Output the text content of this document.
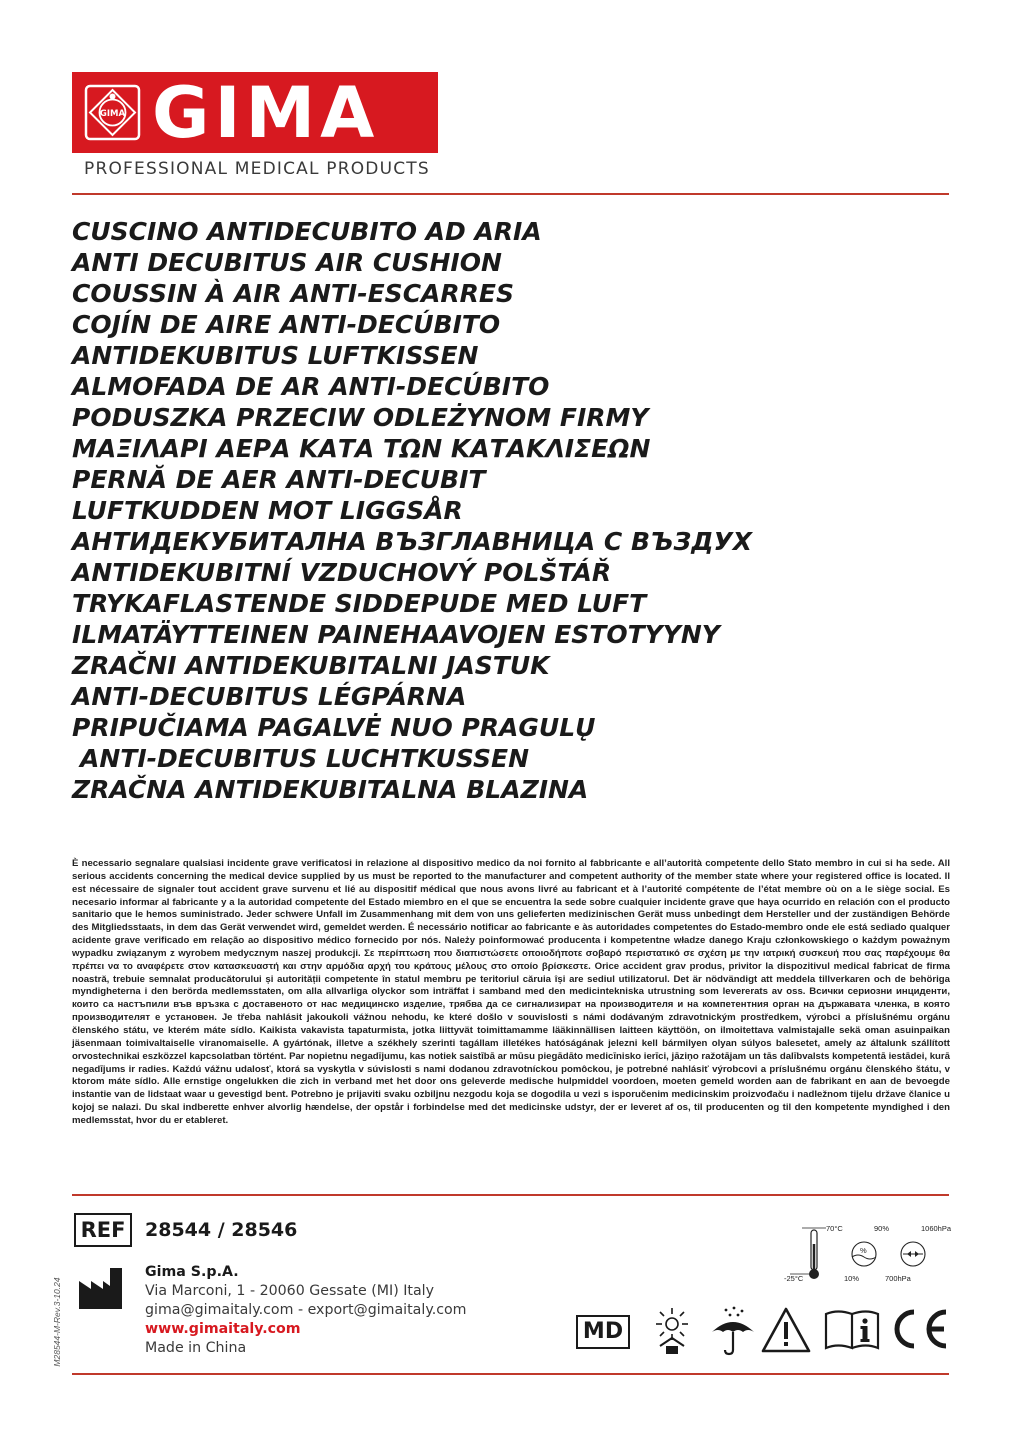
GIMA GIMA
PROFESSIONAL MEDICAL PRODUCTS
CUSCINO ANTIDECUBITO AD ARIA
ANTI DECUBITUS AIR CUSHION
COUSSIN À AIR ANTI-ESCARRES
COJÍN DE AIRE ANTI-DECÚBITO
ANTIDEKUBITUS LUFTKISSEN
ALMOFADA DE AR ANTI-DECÚBITO
PODUSZKA PRZECIW ODLEŻYNOM FIRMY
ΜΑΞΙΛΑΡΙ ΑΕΡΑ ΚΑΤΑ ΤΩΝ ΚΑΤΑΚΛΙΣΕΩΝ
PERNĂ DE AER ANTI-DECUBIT
LUFTKUDDEN MOT LIGGSÅR
АНТИДЕКУБИТАЛНА ВЪЗГЛАВНИЦА С ВЪЗДУХ
ANTIDEKUBITNÍ VZDUCHOVÝ POLŠTÁŘ
TRYKAFLASTENDE SIDDEPUDE MED LUFT
ILMATÄYTTEINEN PAINEHAAVOJEN ESTOTYYNY
ZRAČNI ANTIDEKUBITALNI JASTUK
ANTI-DECUBITUS LÉGPÁRNA
PRIPUČIAMA PAGALVĖ NUO PRAGULŲ
ANTI-DECUBITUS LUCHTKUSSEN
ZRAČNA ANTIDEKUBITALNA BLAZINA

È necessario segnalare qualsiasi incidente grave verificatosi in relazione al dispositivo medico da noi fornito al fabbricante e all’autorità competente dello Stato membro in cui si ha sede. All serious accidents concerning the medical device supplied by us must be reported to the manufacturer and competent authority of the member state where your registered office is located. Il est nécessaire de signaler tout accident grave survenu et lié au dispositif médical que nous avons livré au fabricant et à l’autorité compétente de l’état membre où on a le siège social. Es necesario informar al fabricante y a la autoridad competente del Estado miembro en el que se encuentra la sede sobre cualquier incidente grave que haya ocurrido en relación con el producto sanitario que le hemos suministrado. Jeder schwere Unfall im Zusammenhang mit dem von uns gelieferten medizinischen Gerät muss unbedingt dem Hersteller und der zuständigen Behörde des Mitgliedsstaats, in dem das Gerät verwendet wird, gemeldet werden. É necessário notificar ao fabricante e às autoridades competentes do Estado-membro onde ele está sediado qualquer acidente grave verificado em relação ao dispositivo médico fornecido por nós. Należy poinformować producenta i kompetentne władze danego Kraju członkowskiego o każdym poważnym wypadku związanym z wyrobem medycznym naszej produkcji. Σε περίπτωση που διαπιστώσετε οποιοδήποτε σοβαρό περιστατικό σε σχέση με την ιατρική συσκευή που σας παρέχουμε θα πρέπει να το αναφέρετε στον κατασκευαστή και στην αρμόδια αρχή του κράτους μέλους στο οποίο βρίσκεστε. Orice accident grav produs, privitor la dispozitivul medical fabricat de firma noastră, trebuie semnalat producătorului și autorității competente în statul membru pe teritoriul căruia își are sediul utilizatorul. Det är nödvändigt att meddela tillverkaren och de behöriga myndigheterna i den berörda medlemsstaten, om alla allvarliga olyckor som inträffat i samband med den medicintekniska utrustning som levererats av oss. Всички сериозни инциденти, които са настъпили във връзка с доставеното от нас медицинско изделие, трябва да се сигнализират на производителя и на компетентния орган на държавата членка, в която производителят е установен. Je třeba nahlásit jakoukoli vážnou nehodu, ke které došlo v souvislosti s námi dodávaným zdravotnickým prostředkem, výrobci a příslušnému orgánu členského státu, ve kterém máte sídlo. Kaikista vakavista tapaturmista, jotka liittyvät toimittamamme lääkinnällisen laitteen käyttöön, on ilmoitettava valmistajalle sekä oman asuinpaikan jäsenmaan toimivaltaiselle viranomaiselle. A gyártónak, illetve a székhely szerinti tagállam illetékes hatóságának jelezni kell bármilyen olyan súlyos balesetet, amely az általunk szállított orvostechnikai eszközzel kapcsolatban történt. Par nopietnu negadījumu, kas notiek saistībā ar mūsu piegādāto medicīnisko ierīci, jāziņo ražotājam un tās dalībvalsts kompetentā iestādei, kurā negadījums ir radies. Každú vážnu udalosť, ktorá sa vyskytla v súvislosti s nami dodanou zdravotníckou pomôckou, je potrebné nahlásiť výrobcovi a príslušnému orgánu členského štátu, v ktorom máte sídlo. Alle ernstige ongelukken die zich in verband met het door ons geleverde medische hulpmiddel voordoen, moeten gemeld worden aan de fabrikant en aan de bevoegde instantie van de lidstaat waar u gevestigd bent. Potrebno je prijaviti svaku ozbiljnu nezgodu koja se dogodila u vezi s isporučenim medicinskim proizvođaču i nadležnom tijelu države članice u kojoj se nalazi. Du skal indberette enhver alvorlig hændelse, der opstår i forbindelse med det medicinske udstyr, der er leveret af os, til producenten og til den kompetente myndighed i den medlemsstat, hvor du er etableret.

REF	28544 / 28546
Gima S.p.A.
Via Marconi, 1 - 20060 Gessate (MI) Italy
gima@gimaitaly.com - export@gimaitaly.com
www.gimaitaly.com
Made in China
M28544-M-Rev.3-10.24
70°C
-25°C
%
90%
10%
1060hPa
700hPa
MD
